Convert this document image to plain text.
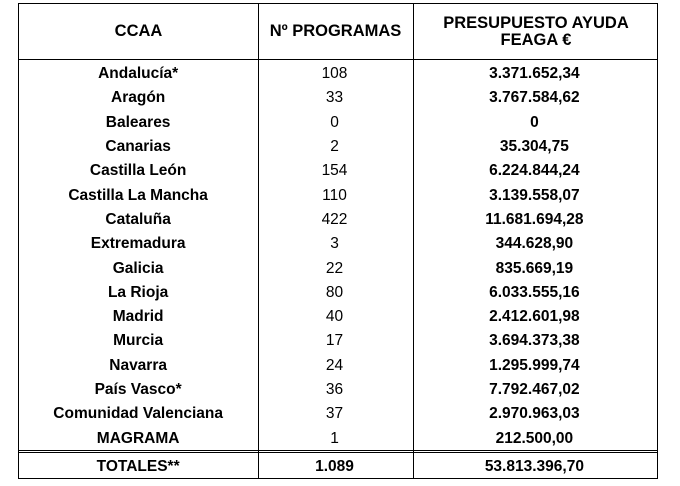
CCAA	Nº PROGRAMAS	PRESUPUESTO AYUDA
FEAGA €
Andalucía*	108	3.371.652,34
Aragón	33	3.767.584,62
Baleares	0	0
Canarias	2	35.304,75
Castilla León	154	6.224.844,24
Castilla La Mancha	110	3.139.558,07
Cataluña	422	11.681.694,28
Extremadura	3	344.628,90
Galicia	22	835.669,19
La Rioja	80	6.033.555,16
Madrid	40	2.412.601,98
Murcia	17	3.694.373,38
Navarra	24	1.295.999,74
País Vasco*	36	7.792.467,02
Comunidad Valenciana	37	2.970.963,03
MAGRAMA	1	212.500,00
TOTALES**	1.089	53.813.396,70
